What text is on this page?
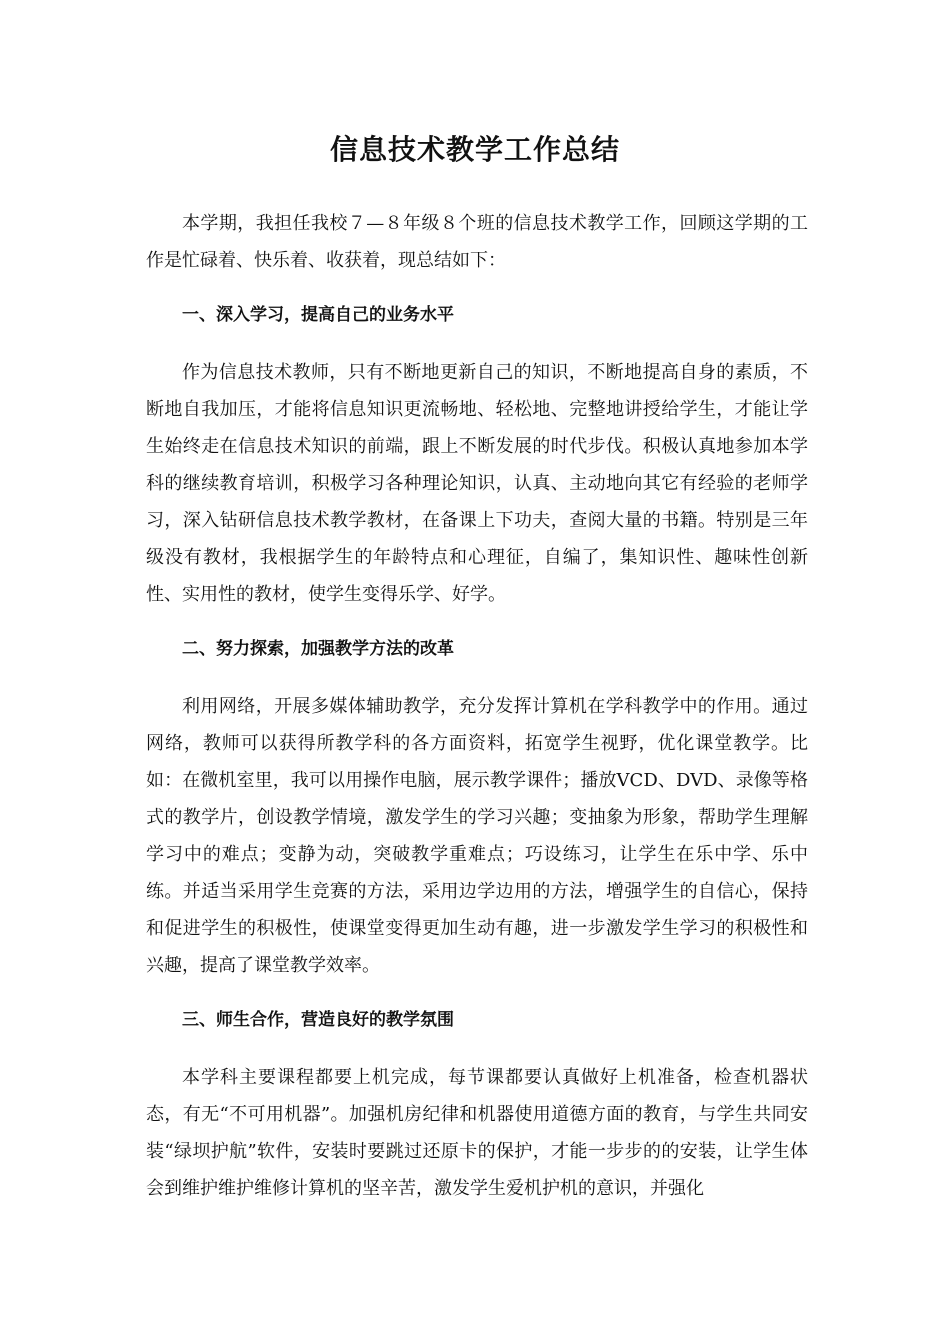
信息技术教学工作总结

本学期，我担任我校７—８年级８个班的信息技术教学工作，回顾这学期的工作是忙碌着、快乐着、收获着，现总结如下：

一、深入学习，提高自己的业务水平

作为信息技术教师，只有不断地更新自己的知识，不断地提高自身的素质，不断地自我加压，才能将信息知识更流畅地、轻松地、完整地讲授给学生，才能让学生始终走在信息技术知识的前端，跟上不断发展的时代步伐。积极认真地参加本学科的继续教育培训，积极学习各种理论知识，认真、主动地向其它有经验的老师学习，深入钻研信息技术教学教材，在备课上下功夫，查阅大量的书籍。特别是三年级没有教材，我根据学生的年龄特点和心理征，自编了，集知识性、趣味性创新性、实用性的教材，使学生变得乐学、好学。

二、努力探索，加强教学方法的改革

利用网络，开展多媒体辅助教学，充分发挥计算机在学科教学中的作用。通过网络，教师可以获得所教学科的各方面资料，拓宽学生视野，优化课堂教学。比如：在微机室里，我可以用操作电脑，展示教学课件；播放VCD、DVD、录像等格式的教学片，创设教学情境，激发学生的学习兴趣；变抽象为形象，帮助学生理解学习中的难点；变静为动，突破教学重难点；巧设练习，让学生在乐中学、乐中练。并适当采用学生竞赛的方法，采用边学边用的方法，增强学生的自信心，保持和促进学生的积极性，使课堂变得更加生动有趣，进一步激发学生学习的积极性和兴趣，提高了课堂教学效率。

三、师生合作，营造良好的教学氛围

本学科主要课程都要上机完成，每节课都要认真做好上机准备，检查机器状态，有无“不可用机器”。加强机房纪律和机器使用道德方面的教育，与学生共同安装“绿坝护航”软件，安装时要跳过还原卡的保护，才能一步步的的安装，让学生体会到维护维护维修计算机的坚辛苦，激发学生爱机护机的意识，并强化
